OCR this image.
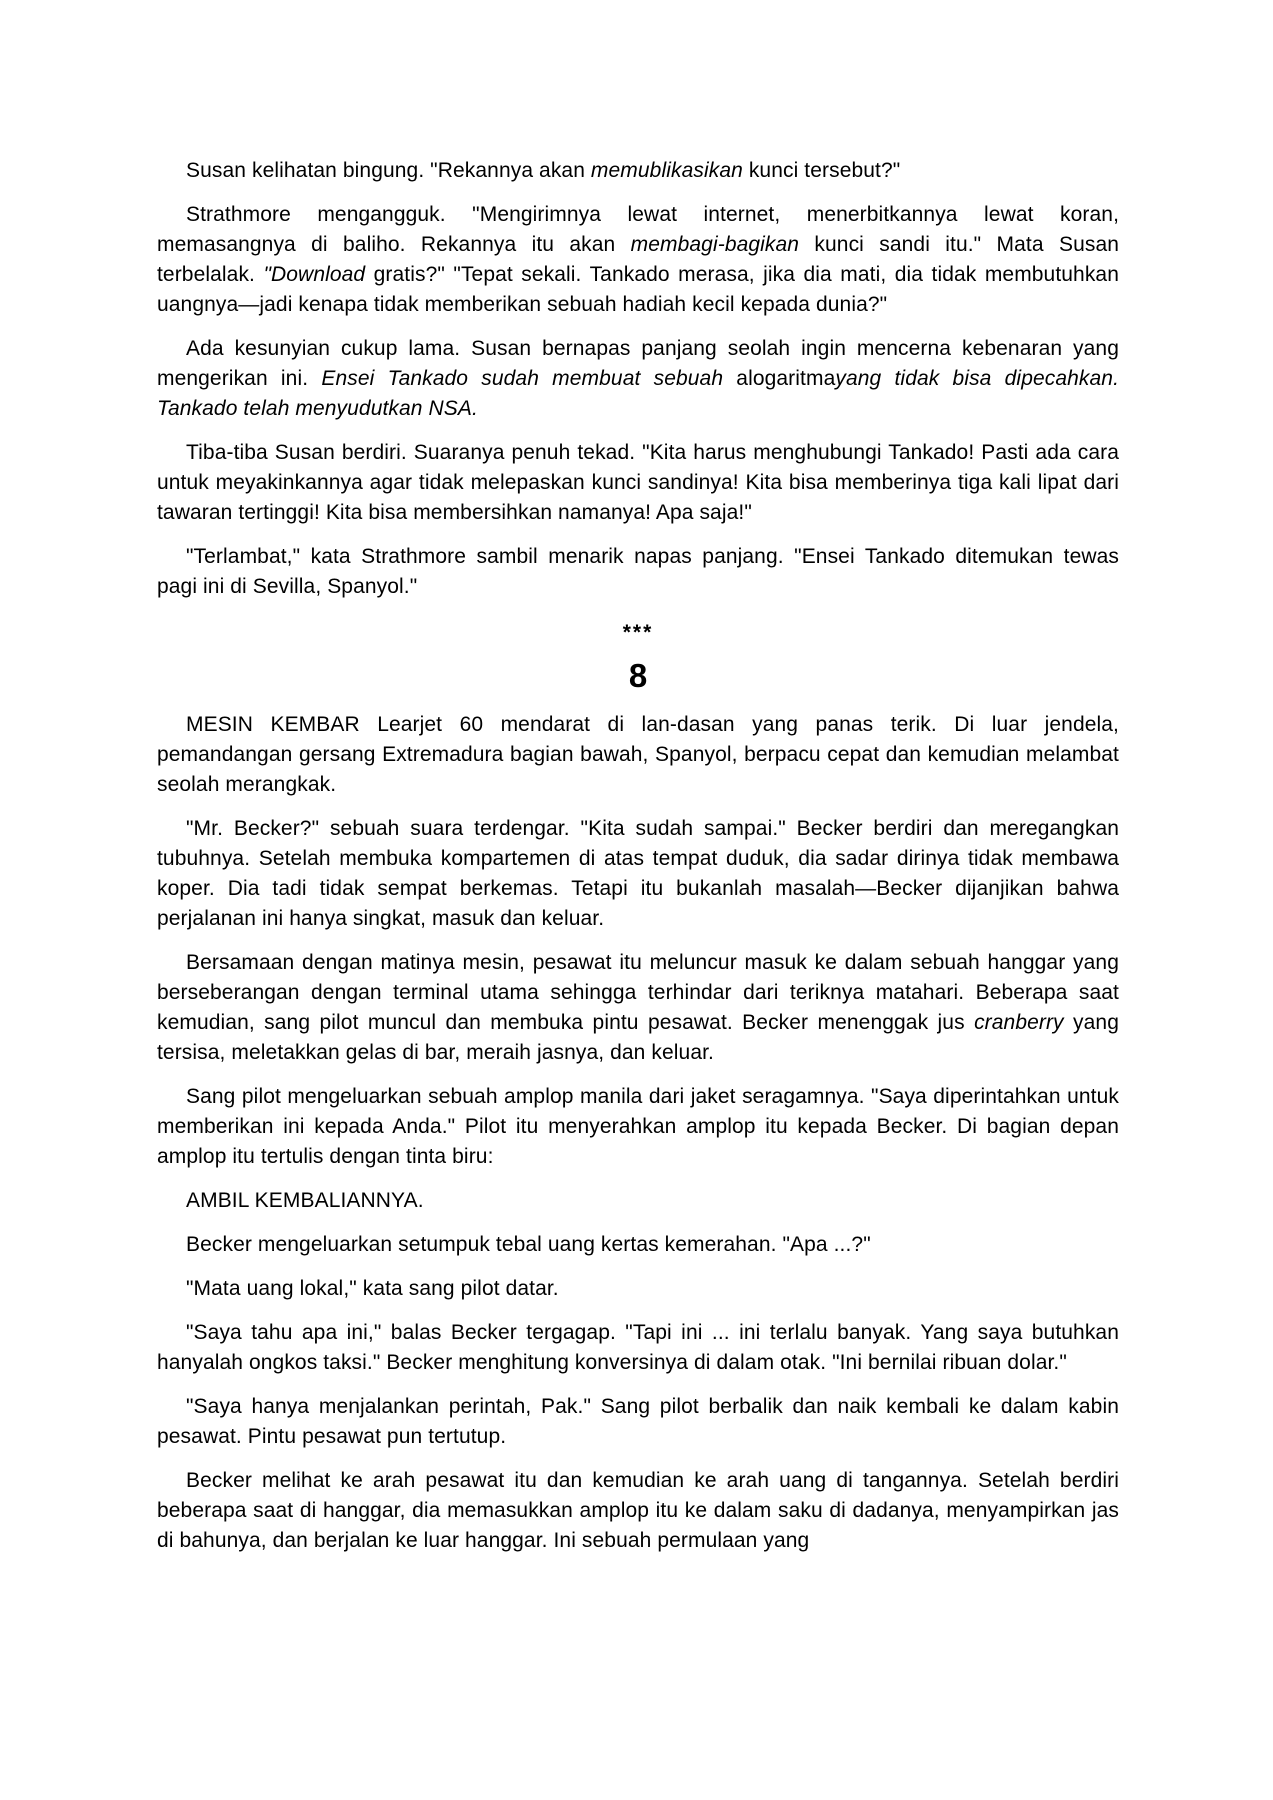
Susan kelihatan bingung. "Rekannya akan memublikasikan kunci tersebut?"

Strathmore mengangguk. "Mengirimnya lewat internet, menerbitkannya lewat koran, memasangnya di baliho. Rekannya itu akan membagi-bagikan kunci sandi itu." Mata Susan terbelalak. "Download gratis?" "Tepat sekali. Tankado merasa, jika dia mati, dia tidak membutuhkan uangnya—jadi kenapa tidak memberikan sebuah hadiah kecil kepada dunia?"

Ada kesunyian cukup lama. Susan bernapas panjang seolah ingin mencerna kebenaran yang mengerikan ini. Ensei Tankado sudah membuat sebuah alogaritmayang tidak bisa dipecahkan. Tankado telah menyudutkan NSA.

Tiba-tiba Susan berdiri. Suaranya penuh tekad. "Kita harus menghubungi Tankado! Pasti ada cara untuk meyakinkannya agar tidak melepaskan kunci sandinya! Kita bisa memberinya tiga kali lipat dari tawaran tertinggi! Kita bisa membersihkan namanya! Apa saja!"

"Terlambat," kata Strathmore sambil menarik napas panjang. "Ensei Tankado ditemukan tewas pagi ini di Sevilla, Spanyol."

***

8

MESIN KEMBAR Learjet 60 mendarat di lan-dasan yang panas terik. Di luar jendela, pemandangan gersang Extremadura bagian bawah, Spanyol, berpacu cepat dan kemudian melambat seolah merangkak.

"Mr. Becker?" sebuah suara terdengar. "Kita sudah sampai." Becker berdiri dan meregangkan tubuhnya. Setelah membuka kompartemen di atas tempat duduk, dia sadar dirinya tidak membawa koper. Dia tadi tidak sempat berkemas. Tetapi itu bukanlah masalah—Becker dijanjikan bahwa perjalanan ini hanya singkat, masuk dan keluar.

Bersamaan dengan matinya mesin, pesawat itu meluncur masuk ke dalam sebuah hanggar yang berseberangan dengan terminal utama sehingga terhindar dari teriknya matahari. Beberapa saat kemudian, sang pilot muncul dan membuka pintu pesawat. Becker menenggak jus cranberry yang tersisa, meletakkan gelas di bar, meraih jasnya, dan keluar.

Sang pilot mengeluarkan sebuah amplop manila dari jaket seragamnya. "Saya diperintahkan untuk memberikan ini kepada Anda." Pilot itu menyerahkan amplop itu kepada Becker. Di bagian depan amplop itu tertulis dengan tinta biru:

AMBIL KEMBALIANNYA.

Becker mengeluarkan setumpuk tebal uang kertas kemerahan. "Apa ...?"

"Mata uang lokal," kata sang pilot datar.

"Saya tahu apa ini," balas Becker tergagap. "Tapi ini ... ini terlalu banyak. Yang saya butuhkan hanyalah ongkos taksi." Becker menghitung konversinya di dalam otak. "Ini bernilai ribuan dolar."

"Saya hanya menjalankan perintah, Pak." Sang pilot berbalik dan naik kembali ke dalam kabin pesawat. Pintu pesawat pun tertutup.

Becker melihat ke arah pesawat itu dan kemudian ke arah uang di tangannya. Setelah berdiri beberapa saat di hanggar, dia memasukkan amplop itu ke dalam saku di dadanya, menyampirkan jas di bahunya, dan berjalan ke luar hanggar. Ini sebuah permulaan yang
